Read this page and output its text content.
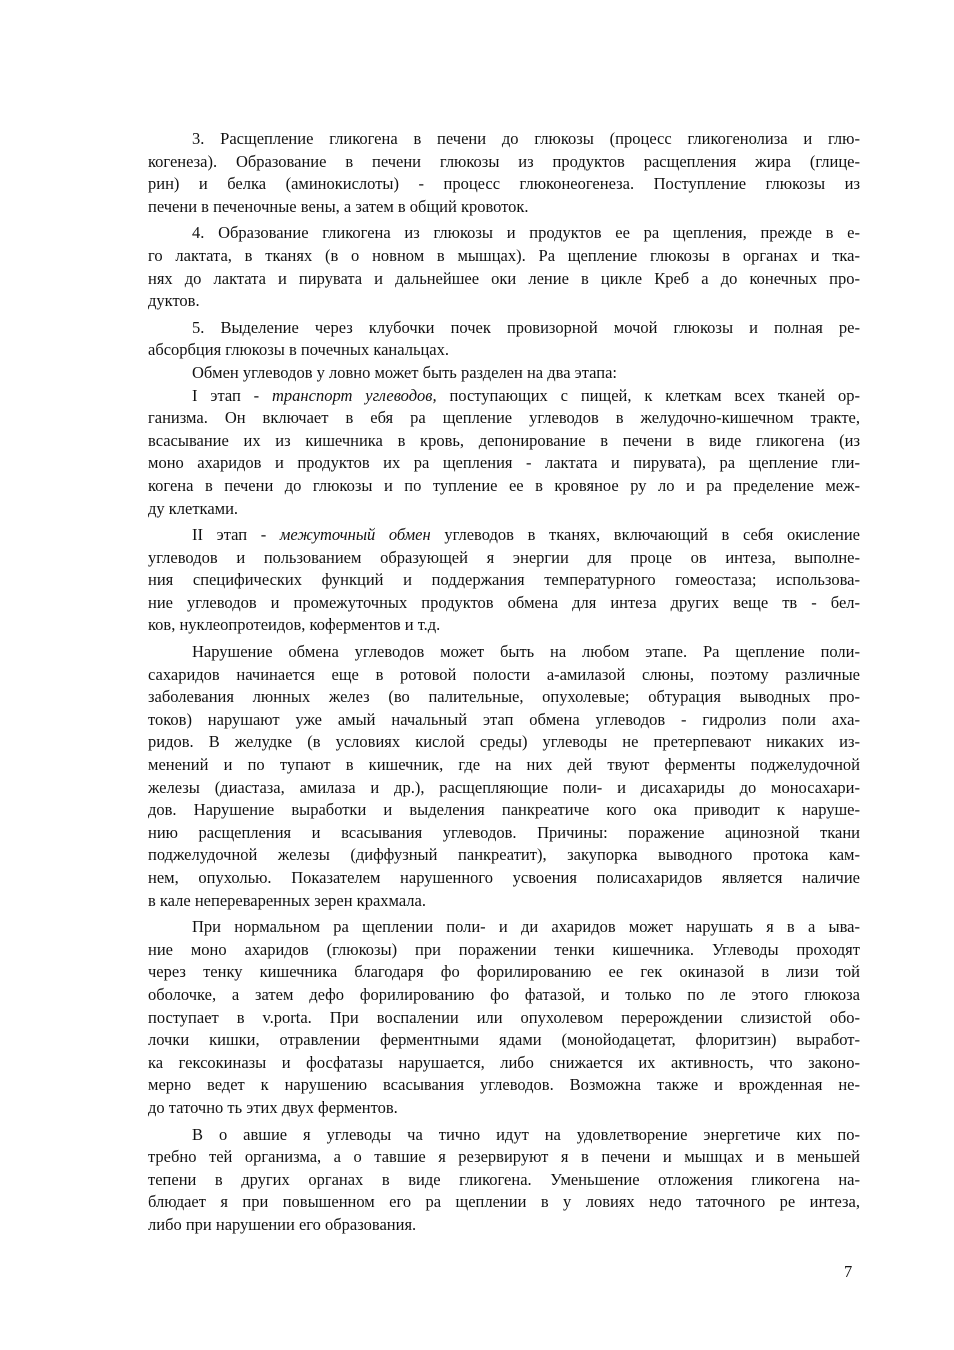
3. Расщепление гликогена в печени до глюкозы (процесс гликогенолиза и глю-
когенеза). Образование в печени глюкозы из продуктов расщепления жира (глице-
рин) и белка (аминокислоты) - процесс глюконеогенеза. Поступление глюкозы из
печени в печеночные вены, а затем в общий кровоток.
4. Образование гликогена из глюкозы и продуктов ее ра щепления, прежде в е-
го лактата, в тканях (в о новном в мышцах). Ра щепление глюкозы в органах и тка-
нях до лактата и пирувата и дальнейшее оки ление в цикле Креб а до конечных про-
дуктов.
5. Выделение через клубочки почек провизорной мочой глюкозы и полная ре-
абсорбция глюкозы в почечных канальцах.
Обмен углеводов у ловно может быть разделен на два этапа:
I этап - транспорт углеводов, поступающих с пищей, к клеткам всех тканей ор-
ганизма. Он включает в ебя ра щепление углеводов в желудочно-кишечном тракте,
всасывание их из кишечника в кровь, депонирование в печени в виде гликогена (из
моно ахаридов и продуктов их ра щепления - лактата и пирувата), ра щепление гли-
когена в печени до глюкозы и по тупление ее в кровяное ру ло и ра пределение меж-
ду клетками.
II этап - межуточный обмен углеводов в тканях, включающий в себя окисление
углеводов и пользованием образующей я энергии для проце ов интеза, выполне-
ния специфических функций и поддержания температурного гомеостаза; использова-
ние углеводов и промежуточных продуктов обмена для интеза других веще тв - бел-
ков, нуклеопротеидов, коферментов и т.д.
Нарушение обмена углеводов может быть на любом этапе. Ра щепление поли-
сахаридов начинается еще в ротовой полости а-амилазой слюны, поэтому различные
заболевания люнных желез (во палительные, опухолевые; обтурация выводных про-
токов) нарушают уже амый начальный этап обмена углеводов - гидролиз поли аха-
ридов. В желудке (в условиях кислой среды) углеводы не претерпевают никаких из-
менений и по тупают в кишечник, где на них дей твуют ферменты поджелудочной
железы (диастаза, амилаза и др.), расщепляющие поли- и дисахариды до моносахари-
дов. Нарушение выработки и выделения панкреатиче кого ока приводит к наруше-
нию расщепления и всасывания углеводов. Причины: поражение ацинозной ткани
поджелудочной железы (диффузный панкреатит), закупорка выводного протока кам-
нем, опухолью. Показателем нарушенного усвоения полисахаридов является наличие
в кале непереваренных зерен крахмала.
При нормальном ра щеплении поли- и ди ахаридов может нарушать я в а ыва-
ние моно ахаридов (глюкозы) при поражении тенки кишечника. Углеводы проходят
через тенку кишечника благодаря фо форилированию ее гек окиназой в лизи той
оболочке, а затем дефо форилированию фо фатазой, и только по ле этого глюкоза
поступает в v.porta. При воспалении или опухолевом перерождении слизистой обо-
лочки кишки, отравлении ферментными ядами (монойодацетат, флоритзин) выработ-
ка гексокиназы и фосфатазы нарушается, либо снижается их активность, что законо-
мерно ведет к нарушению всасывания углеводов. Возможна также и врожденная не-
до таточно ть этих двух ферментов.
В о авшие я углеводы ча тично идут на удовлетворение энергетиче ких по-
требно тей организма, а о тавшие я резервируют я в печени и мышцах и в меньшей
тепени в других органах в виде гликогена. Уменьшение отложения гликогена на-
блюдает я при повышенном его ра щеплении в у ловиях недо таточного ре интеза,
либо при нарушении его образования.
7
